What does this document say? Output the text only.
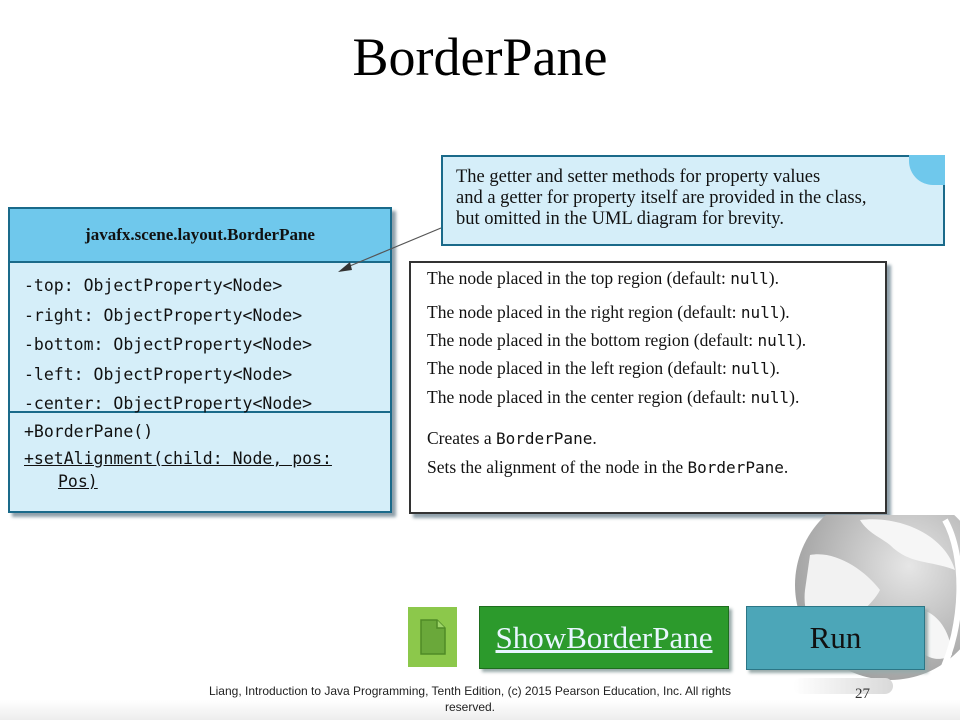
BorderPane
javafx.scene.layout.BorderPane
-top: ObjectProperty<Node>
-right: ObjectProperty<Node>
-bottom: ObjectProperty<Node>
-left: ObjectProperty<Node>
-center: ObjectProperty<Node>
+BorderPane()
+setAlignment(child: Node, pos:
Pos)
The getter and setter methods for property values
and a getter for property itself are provided in the class,
but omitted in the UML diagram for brevity.
The node placed in the top region (default: null).
The node placed in the right region (default: null).
The node placed in the bottom region (default: null).
The node placed in the left region (default: null).
The node placed in the center region (default: null).
Creates a BorderPane.
Sets the alignment of the node in the BorderPane.
ShowBorderPane	Run
Liang, Introduction to Java Programming, Tenth Edition, (c) 2015 Pearson Education, Inc. All rights reserved.
27
